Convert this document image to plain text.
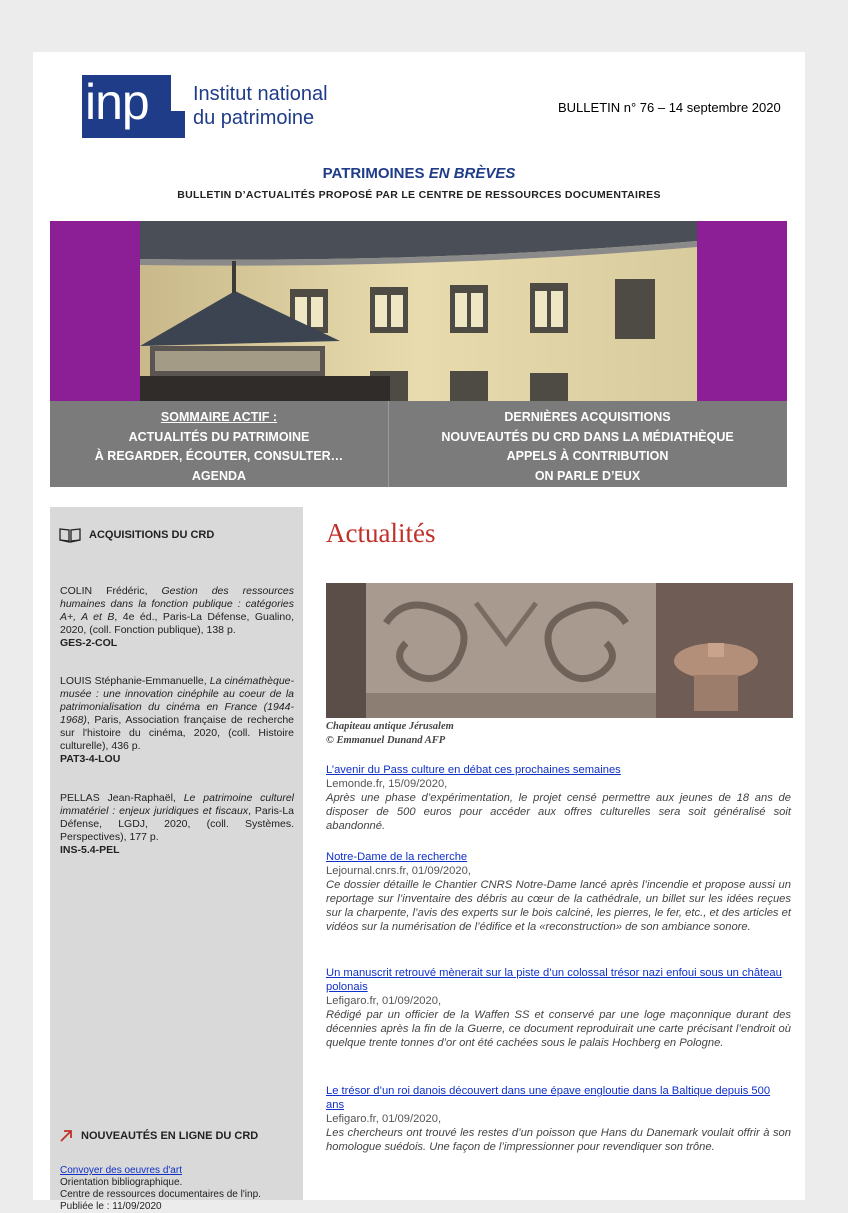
inp Institut national
du patrimoine	BULLETIN n° 76 – 14 septembre 2020
PATRIMOINES EN BRÈVES
BULLETIN D’ACTUALITÉS PROPOSÉ PAR LE CENTRE DE RESSOURCES DOCUMENTAIRES
SOMMAIRE ACTIF :
ACTUALITÉS DU PATRIMOINE
À REGARDER, ÉCOUTER, CONSULTER…
AGENDA
DERNIÈRES ACQUISITIONS
NOUVEAUTÉS DU CRD DANS LA MÉDIATHÈQUE
APPELS À CONTRIBUTION
ON PARLE D’EUX
ACQUISITIONS DU CRD
COLIN Frédéric, Gestion des ressources humaines dans la fonction publique : catégories A+, A et B, 4e éd., Paris-La Défense, Gualino, 2020, (coll. Fonction publique), 138 p.
GES-2-COL
LOUIS Stéphanie-Emmanuelle, La cinémathèque-musée : une innovation cinéphile au coeur de la patrimonialisation du cinéma en France (1944-1968), Paris, Association française de recherche sur l'histoire du cinéma, 2020, (coll. Histoire culturelle), 436 p.
PAT3-4-LOU
PELLAS Jean-Raphaël, Le patrimoine culturel immatériel : enjeux juridiques et fiscaux, Paris-La Défense, LGDJ, 2020, (coll. Systèmes. Perspectives), 177 p.
INS-5.4-PEL
NOUVEAUTÉS EN LIGNE DU CRD
Convoyer des oeuvres d'art
Orientation bibliographique.
Centre de ressources documentaires de l'inp.
Publiée le : 11/09/2020
Actualités
Chapiteau antique Jérusalem
© Emmanuel Dunand AFP
L’avenir du Pass culture en débat ces prochaines semaines
Lemonde.fr, 15/09/2020,
Après une phase d’expérimentation, le projet censé permettre aux jeunes de 18 ans de disposer de 500 euros pour accéder aux offres culturelles sera soit généralisé soit abandonné.
Notre-Dame de la recherche
Lejournal.cnrs.fr, 01/09/2020,
Ce dossier détaille le Chantier CNRS Notre-Dame lancé après l’incendie et propose aussi un reportage sur l’inventaire des débris au cœur de la cathédrale, un billet sur les idées reçues sur la charpente, l’avis des experts sur le bois calciné, les pierres, le fer, etc., et des articles et vidéos sur la numérisation de l’édifice et la «reconstruction» de son ambiance sonore.
Un manuscrit retrouvé mènerait sur la piste d’un colossal trésor nazi enfoui sous un château polonais
Lefigaro.fr, 01/09/2020,
Rédigé par un officier de la Waffen SS et conservé par une loge maçonnique durant des décennies après la fin de la Guerre, ce document reproduirait une carte précisant l’endroit où quelque trente tonnes d’or ont été cachées sous le palais Hochberg en Pologne.
Le trésor d’un roi danois découvert dans une épave engloutie dans la Baltique depuis 500 ans
Lefigaro.fr, 01/09/2020,
Les chercheurs ont trouvé les restes d’un poisson que Hans du Danemark voulait offrir à son homologue suédois. Une façon de l’impressionner pour revendiquer son trône.
